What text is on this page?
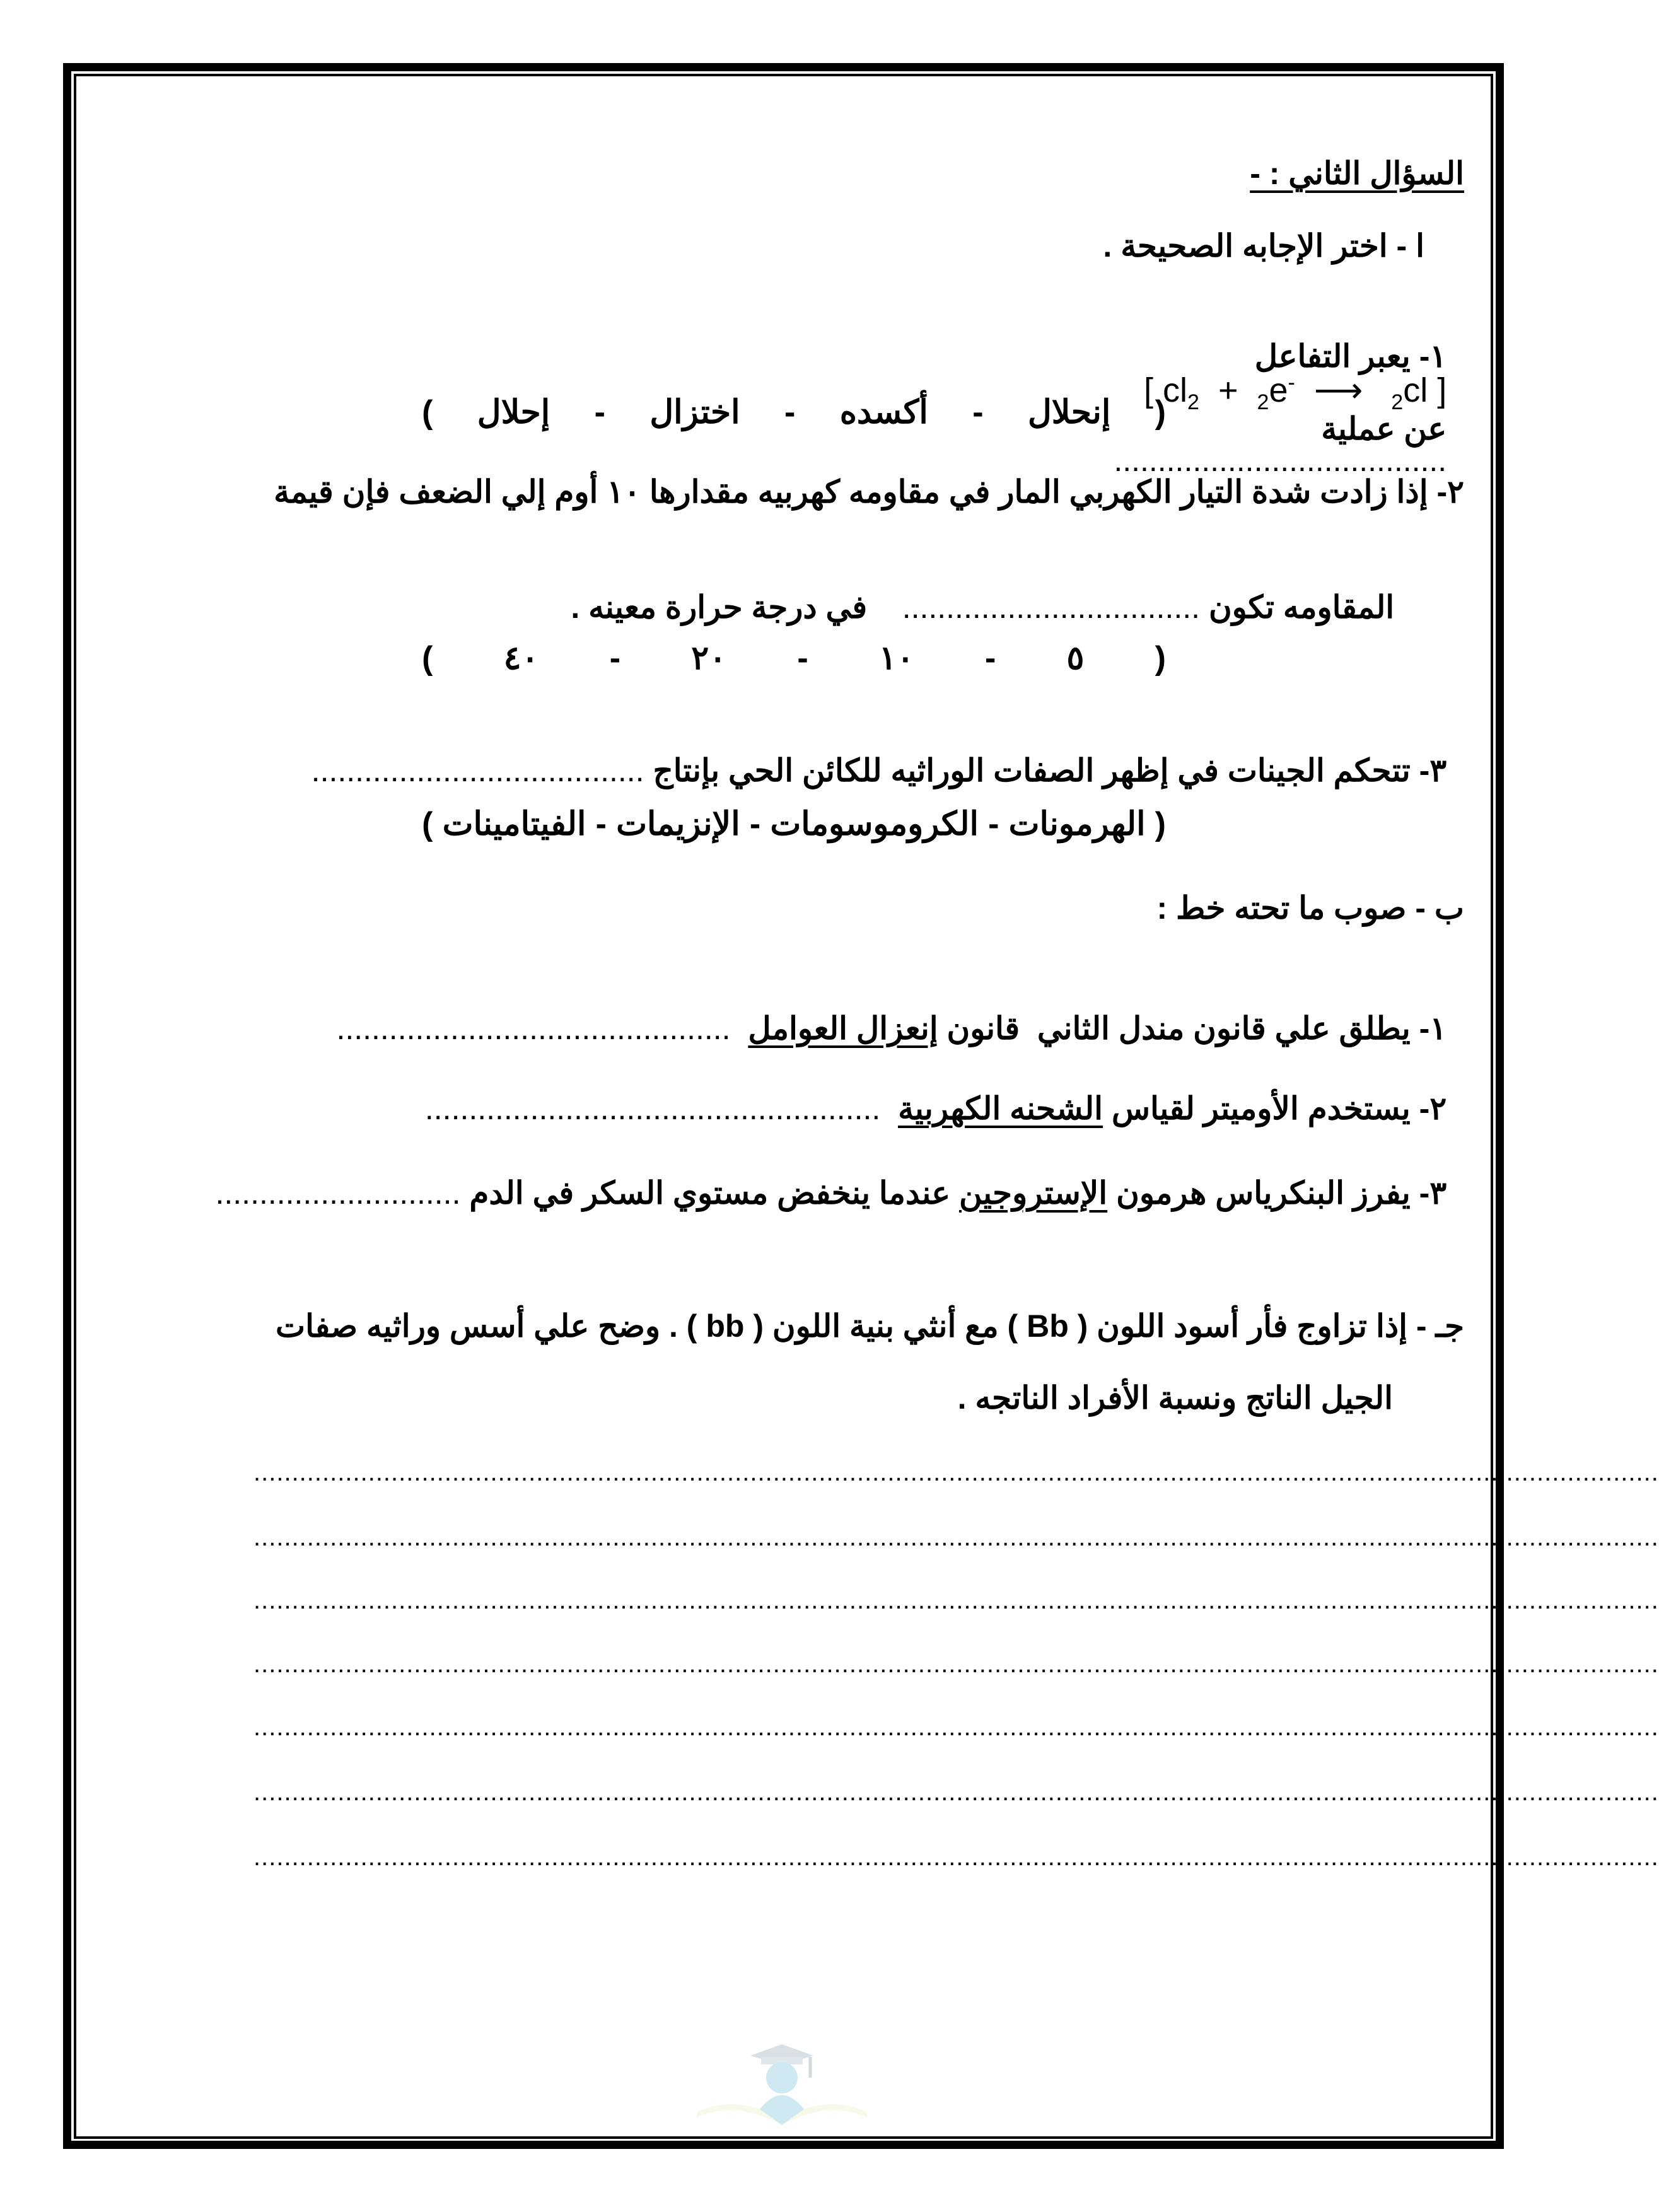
السؤال الثاني : -
ا - اختر الإجابه الصحيحة .

١- يعبر التفاعل
[ $cl_2 + _2e^-$ ⟶ $_2$cl ]
عن عملية
......................................

(
إنحلال
-
أكسده
-
اختزال
-
إحلال
)
٢- إذا زادت شدة التيار الكهربي المار في مقاومه كهربيه مقدارها ١٠ أوم إلي الضعف فإن قيمة

المقاومه تكون ..................................    في درجة حرارة معينه .

(
٥
-
١٠
-
٢٠
-
٤٠
)

٣- تتحكم الجينات في إظهر الصفات الوراثيه للكائن الحي بإنتاج ......................................

(
الهرمونات
-
الكروموسومات
-
الإنزيمات
-
الفيتامينات
)
ب - صوب ما تحته خط :

١- يطلق علي قانون مندل الثاني  قانون إنعزال العوامل  .............................................

٢- يستخدم الأوميتر لقياس الشحنه الكهربية  ....................................................

٣- يفرز البنكرياس هرمون الإستروجين عندما ينخفض مستوي السكر في الدم ............................

جـ - إذا تزاوج فأر أسود اللون ( Bb ) مع أنثي بنية اللون ( bb ) . وضح علي أسس وراثيه صفات
الجيل الناتج ونسبة الأفراد الناتجه .
........................................................................................................................................................................................
........................................................................................................................................................................................
........................................................................................................................................................................................
........................................................................................................................................................................................
........................................................................................................................................................................................
........................................................................................................................................................................................
........................................................................................................................................................................................
